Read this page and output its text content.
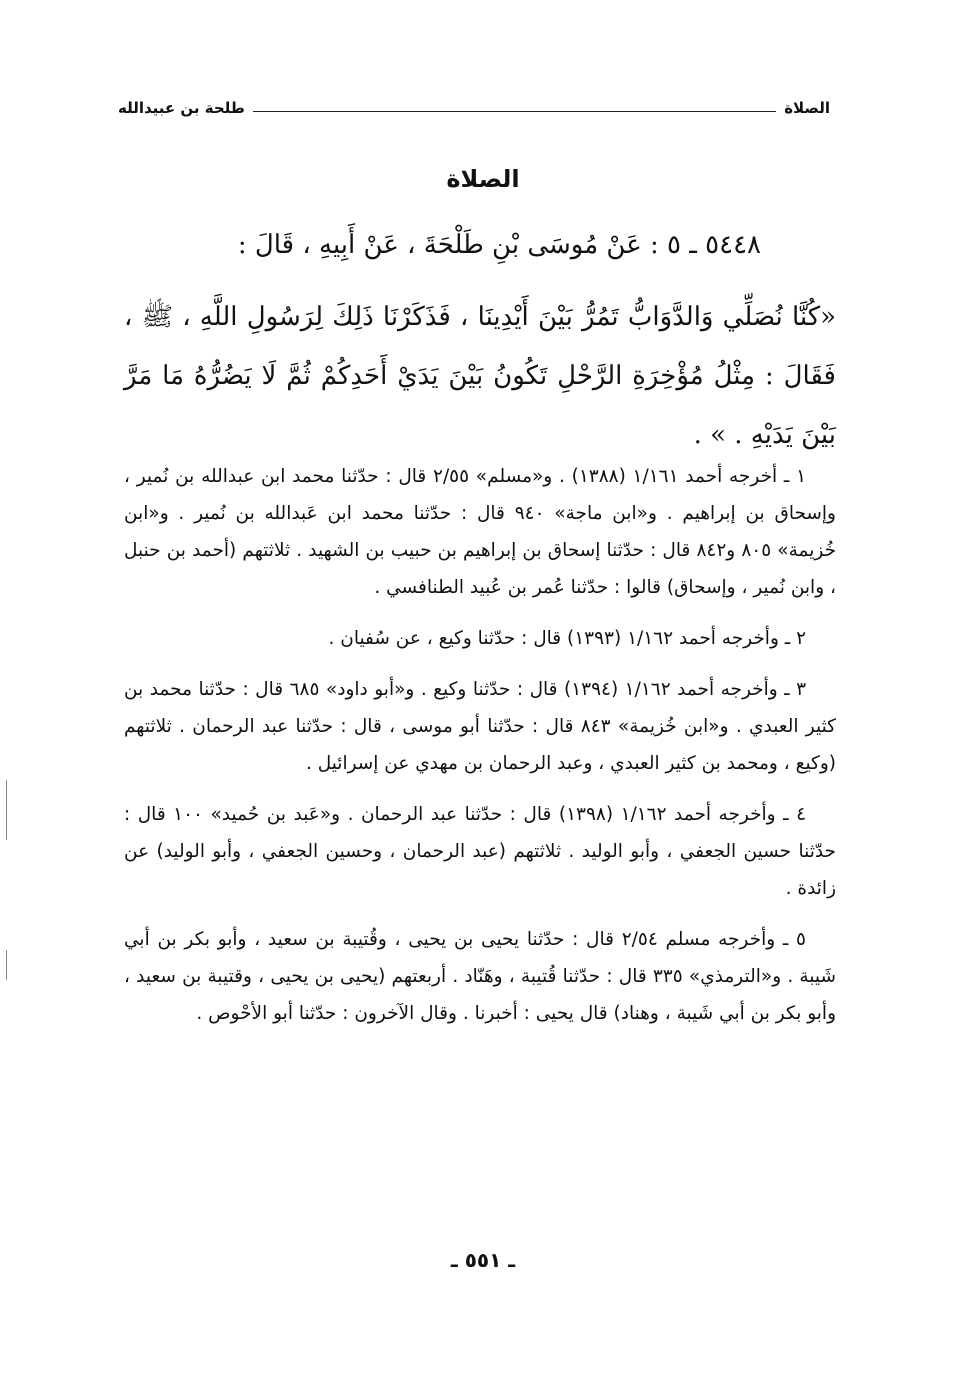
الصلاة
طلحة بن عبيدالله
الصلاة
٥٤٤٨ ـ ٥ : عَنْ مُوسَى بْنِ طَلْحَةَ ، عَنْ أَبِيهِ ، قَالَ :
«كُنَّا نُصَلِّي وَالدَّوَابُّ تَمُرُّ بَيْنَ أَيْدِينَا ، فَذَكَرْنَا ذَلِكَ لِرَسُولِ اللَّهِ ، ﷺ ، فَقَالَ : مِثْلُ مُؤْخِرَةِ الرَّحْلِ تَكُونُ بَيْنَ يَدَيْ أَحَدِكُمْ ثُمَّ لَا يَضُرُّهُ مَا مَرَّ بَيْنَ يَدَيْهِ . » .

١ ـ أخرجه أحمد ١/١٦١ (١٣٨٨) . و«مسلم» ٢/٥٥ قال : حدّثنا محمد ابن عبدالله بن نُمير ، وإسحاق بن إبراهيم . و«ابن ماجة» ٩٤٠ قال : حدّثنا محمد ابن عَبدالله بن نُمير . و«ابن خُزيمة» ٨٠٥ و٨٤٢ قال : حدّثنا إسحاق بن إبراهيم بن حبيب بن الشهيد . ثلاثتهم (أحمد بن حنبل ، وابن نُمير ، وإسحاق) قالوا : حدّثنا عُمر بن عُبيد الطنافسي .

٢ ـ وأخرجه أحمد ١/١٦٢ (١٣٩٣) قال : حدّثنا وكيع ، عن سُفيان .

٣ ـ وأخرجه أحمد ١/١٦٢ (١٣٩٤) قال : حدّثنا وكيع . و«أبو داود» ٦٨٥ قال : حدّثنا محمد بن كثير العبدي . و«ابن خُزيمة» ٨٤٣ قال : حدّثنا أبو موسى ، قال : حدّثنا عبد الرحمان . ثلاثتهم (وكيع ، ومحمد بن كثير العبدي ، وعبد الرحمان بن مهدي عن إسرائيل .

٤ ـ وأخرجه أحمد ١/١٦٢ (١٣٩٨) قال : حدّثنا عبد الرحمان . و«عَبد بن حُميد» ١٠٠ قال : حدّثنا حسين الجعفي ، وأبو الوليد . ثلاثتهم (عبد الرحمان ، وحسين الجعفي ، وأبو الوليد) عن زائدة .

٥ ـ وأخرجه مسلم ٢/٥٤ قال : حدّثنا يحيى بن يحيى ، وقُتيبة بن سعيد ، وأبو بكر بن أبي شَيبة . و«الترمذي» ٣٣٥ قال : حدّثنا قُتيبة ، وهَنّاد . أربعتهم (يحيى بن يحيى ، وقتيبة بن سعيد ، وأبو بكر بن أبي شَيبة ، وهناد) قال يحيى : أخبرنا . وقال الآخرون : حدّثنا أبو الأحْوص .

ـ ٥٥١ ـ
